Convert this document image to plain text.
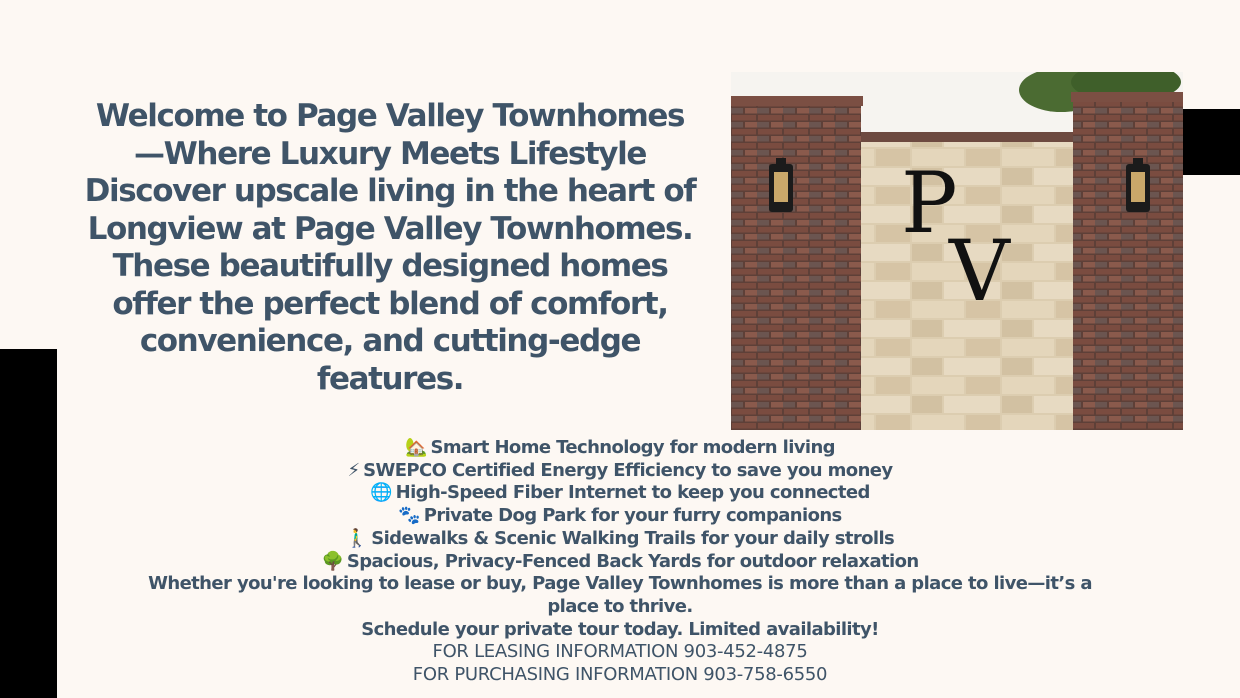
Welcome to Page Valley Townhomes
—Where Luxury Meets Lifestyle
Discover upscale living in the heart of
Longview at Page Valley Townhomes.
These beautifully designed homes
offer the perfect blend of comfort,
convenience, and cutting-edge
features.
P
V
🏡 Smart Home Technology for modern living
⚡ SWEPCO Certified Energy Efficiency to save you money
🌐 High-Speed Fiber Internet to keep you connected
🐾 Private Dog Park for your furry companions
🚶‍♂️ Sidewalks & Scenic Walking Trails for your daily strolls
🌳 Spacious, Privacy-Fenced Back Yards for outdoor relaxation
Whether you're looking to lease or buy, Page Valley Townhomes is more than a place to live—it’s a place to thrive.
Schedule your private tour today. Limited availability!
FOR LEASING INFORMATION 903-452-4875
FOR PURCHASING INFORMATION 903-758-6550
